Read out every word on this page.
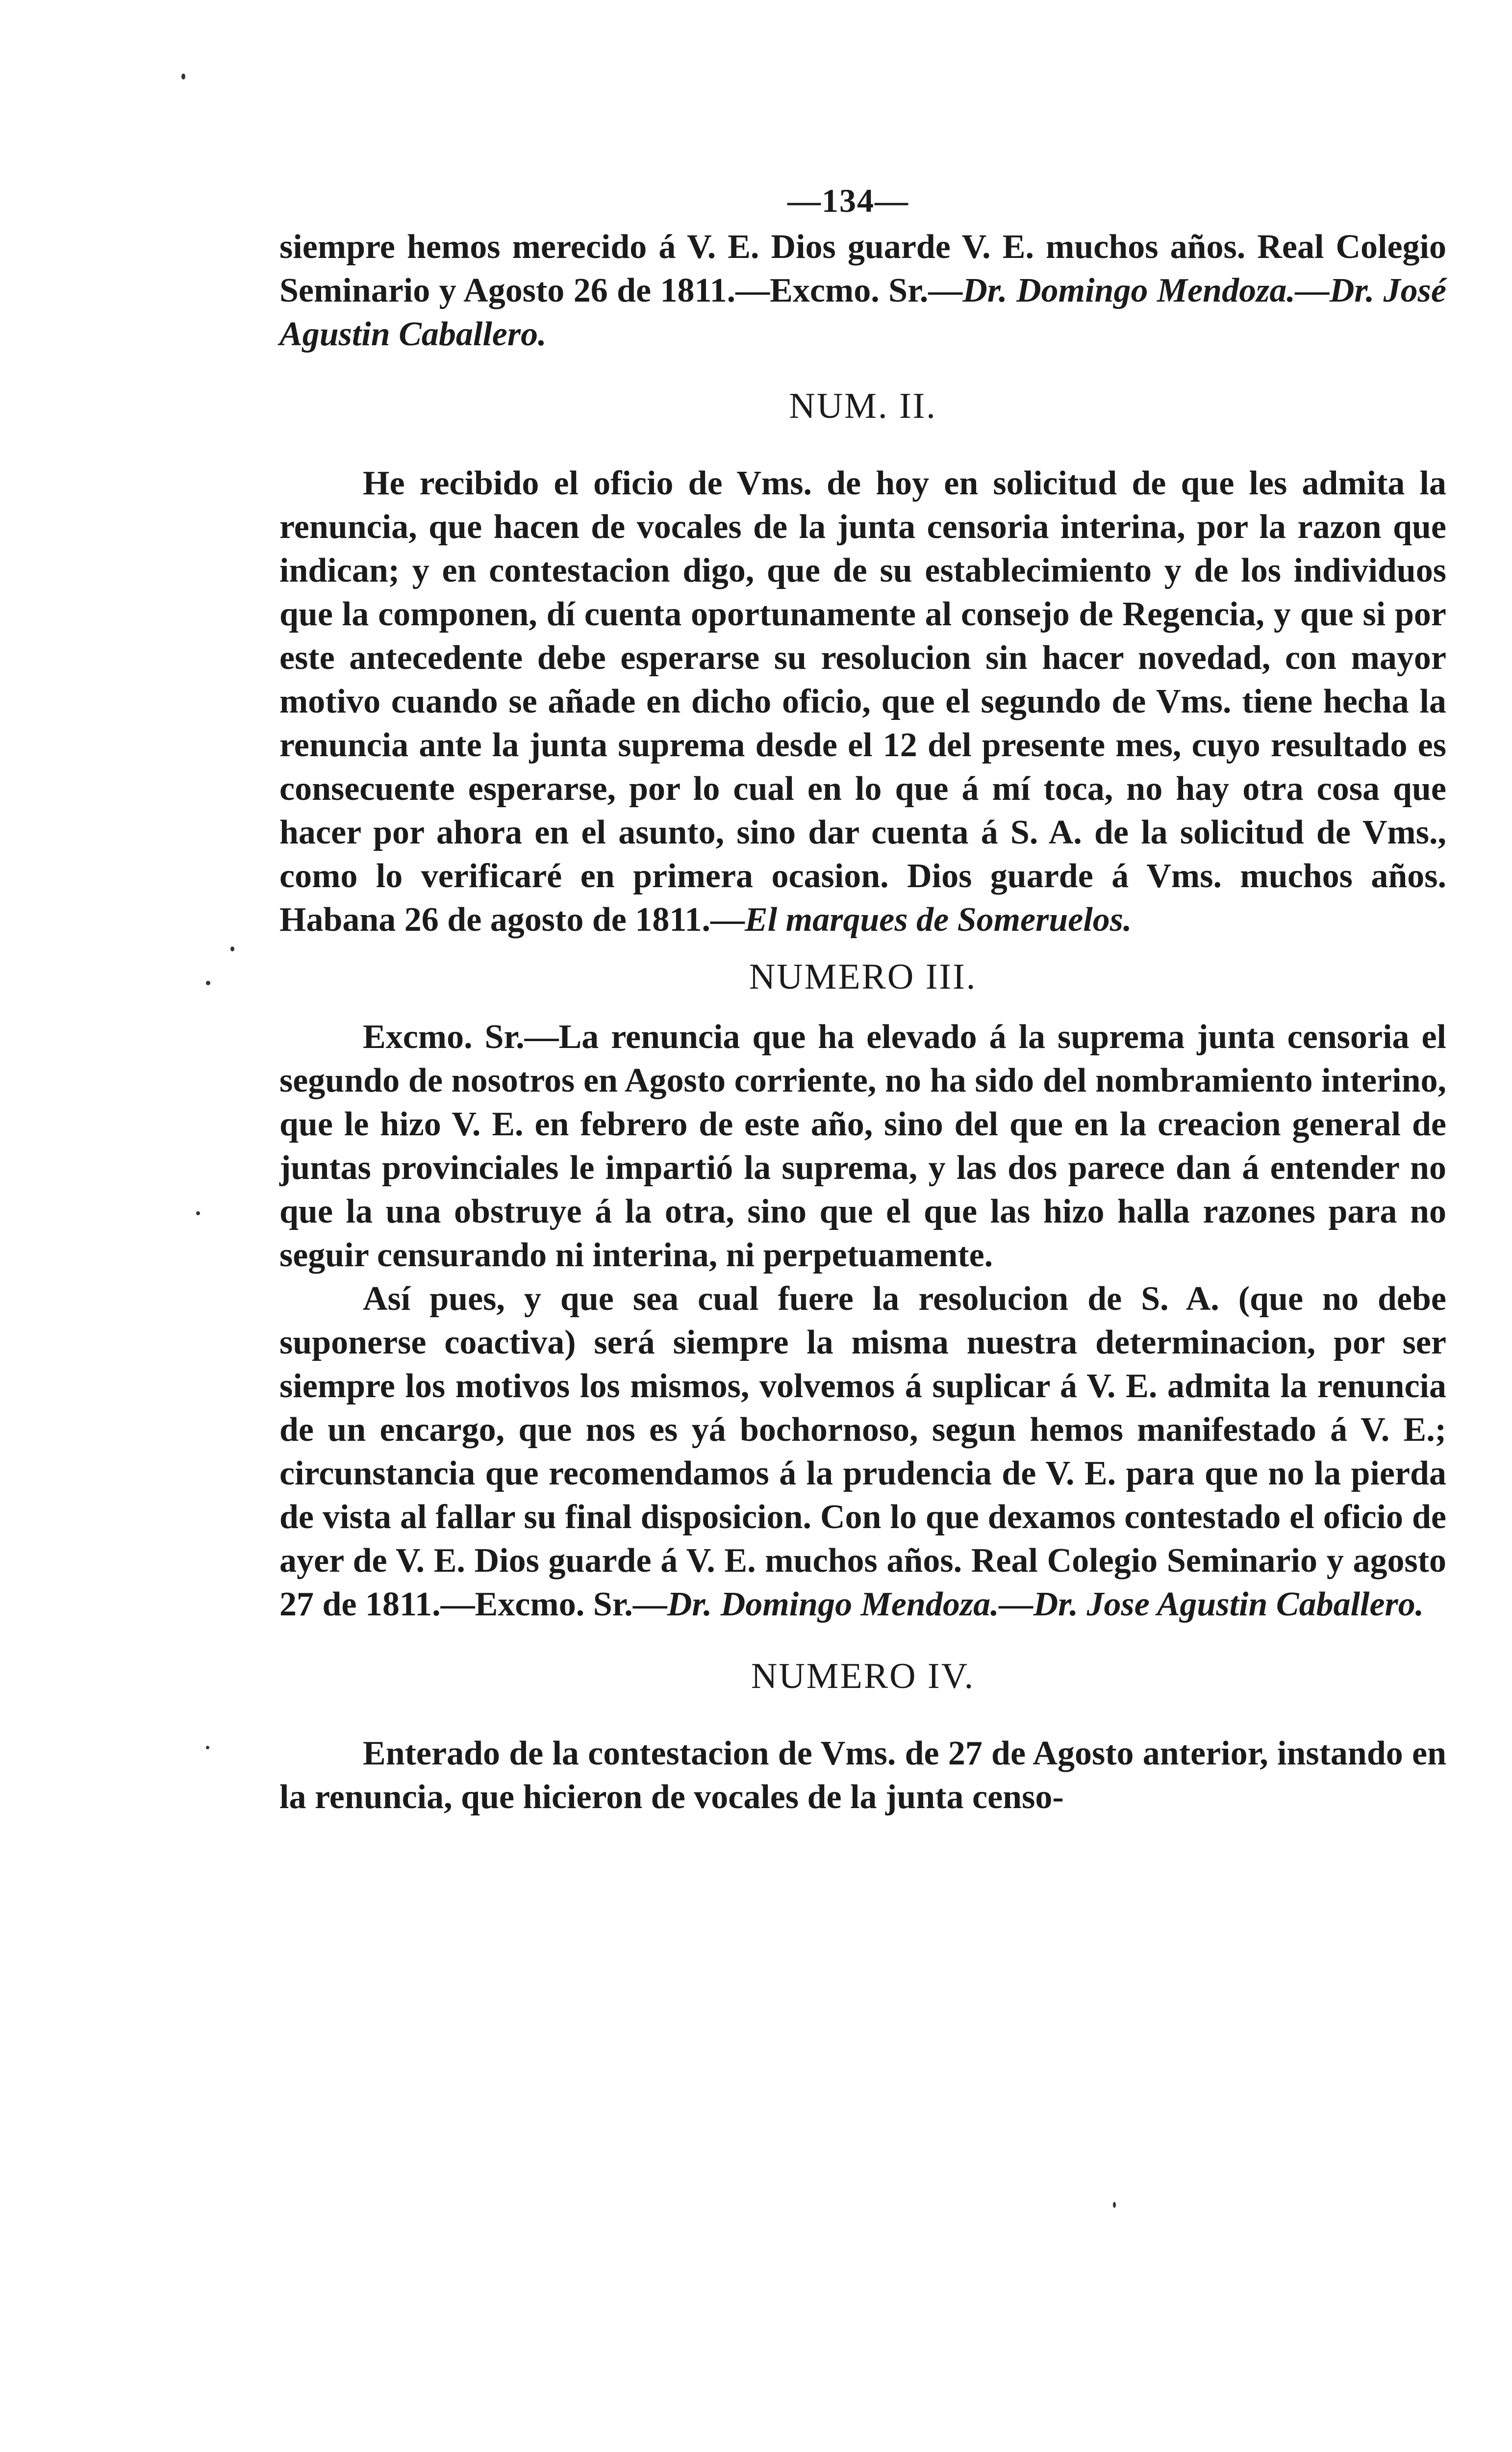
—134—

siempre hemos merecido á V. E. Dios guarde V. E. muchos años. Real Colegio Seminario y Agosto 26 de 1811.—Excmo. Sr.—Dr. Domingo Mendoza.—Dr. José Agustin Caballero.

NUM. II.

He recibido el oficio de Vms. de hoy en solicitud de que les admita la renuncia, que hacen de vocales de la junta censoria interina, por la razon que indican; y en contestacion digo, que de su establecimiento y de los individuos que la componen, dí cuenta oportunamente al consejo de Regencia, y que si por este antecedente debe esperarse su resolucion sin hacer novedad, con mayor motivo cuando se añade en dicho oficio, que el segundo de Vms. tiene hecha la renuncia ante la junta suprema desde el 12 del presente mes, cuyo resultado es consecuente esperarse, por lo cual en lo que á mí toca, no hay otra cosa que hacer por ahora en el asunto, sino dar cuenta á S. A. de la solicitud de Vms., como lo verificaré en primera ocasion. Dios guarde á Vms. muchos años. Habana 26 de agosto de 1811.—El marques de Someruelos.

NUMERO III.

Excmo. Sr.—La renuncia que ha elevado á la suprema junta censoria el segundo de nosotros en Agosto corriente, no ha sido del nombramiento interino, que le hizo V. E. en febrero de este año, sino del que en la creacion general de juntas provinciales le impartió la suprema, y las dos parece dan á entender no que la una obstruye á la otra, sino que el que las hizo halla razones para no seguir censurando ni interina, ni perpetuamente.

Así pues, y que sea cual fuere la resolucion de S. A. (que no debe suponerse coactiva) será siempre la misma nuestra determinacion, por ser siempre los motivos los mismos, volvemos á suplicar á V. E. admita la renuncia de un encargo, que nos es yá bochornoso, segun hemos manifestado á V. E.; circunstancia que recomendamos á la prudencia de V. E. para que no la pierda de vista al fallar su final disposicion. Con lo que dexamos contestado el oficio de ayer de V. E. Dios guarde á V. E. muchos años. Real Colegio Seminario y agosto 27 de 1811.—Excmo. Sr.—Dr. Domingo Mendoza.—Dr. Jose Agustin Caballero.

NUMERO IV.

Enterado de la contestacion de Vms. de 27 de Agosto anterior, instando en la renuncia, que hicieron de vocales de la junta censo-
